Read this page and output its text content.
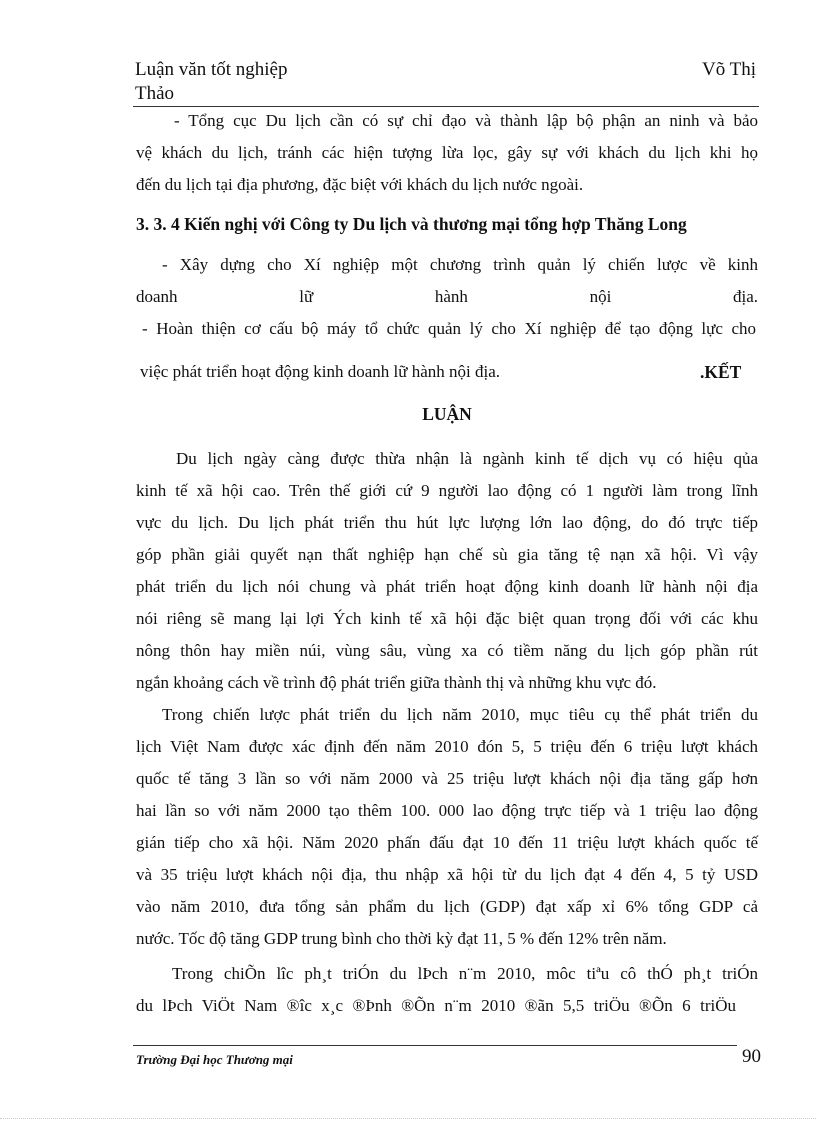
Luận văn tốt nghiệp
Thảo
Võ Thị
- Tổng cục Du lịch cần có sự chỉ đạo và thành lập bộ phận an ninh và bảo
vệ khách du lịch, tránh các hiện tượng lừa lọc, gây sự với khách du lịch khi họ
đến du lịch tại địa phương, đặc biệt với khách du lịch nước ngoài.
3. 3. 4 Kiến nghị với Công ty Du lịch và thương mại tổng hợp Thăng Long
- Xây dựng cho Xí nghiệp một chương trình quản lý chiến lược về kinh
doanh lữ hành nội địa.
- Hoàn thiện cơ cấu bộ máy tổ chức quản lý cho Xí nghiệp để tạo động lực cho
việc phát triển hoạt động kinh doanh lữ hành nội địa.	.KẾT
LUẬN
Du lịch ngày càng được thừa nhận là ngành kinh tế dịch vụ có hiệu qủa
kinh tế xã hội cao. Trên thế giới cứ 9 người lao động có 1 người làm trong lĩnh
vực du lịch. Du lịch phát triển thu hút lực lượng lớn lao động, do đó trực tiếp
góp phần giải quyết nạn thất nghiệp hạn chế sù gia tăng tệ nạn xã hội. Vì vậy
phát triển du lịch nói chung và phát triển hoạt động kinh doanh lữ hành nội địa
nói riêng sẽ mang lại lợi Ých kinh tế xã hội đặc biệt quan trọng đối với các khu
nông thôn hay miền núi, vùng sâu, vùng xa có tiềm năng du lịch góp phần rút
ngắn khoảng cách về trình độ phát triển giữa thành thị và những khu vực đó.
Trong chiến lược phát triển du lịch năm 2010, mục tiêu cụ thể phát triển du
lịch Việt Nam được xác định đến năm 2010 đón 5, 5 triệu đến 6 triệu lượt khách
quốc tế tăng 3 lần so với năm 2000 và 25 triệu lượt khách nội địa tăng gấp hơn
hai lần so với năm 2000 tạo thêm 100. 000 lao động trực tiếp và 1 triệu lao động
gián tiếp cho xã hội. Năm 2020 phấn đấu đạt 10 đến 11 triệu lượt khách quốc tế
và 35 triệu lượt khách nội địa, thu nhập xã hội từ du lịch đạt 4 đến 4, 5 tỷ USD
vào năm 2010, đưa tổng sản phẩm du lịch (GDP) đạt xấp xỉ 6% tổng GDP cả
nước. Tốc độ tăng GDP trung bình cho thời kỳ đạt 11, 5 % đến 12% trên năm.
Trong chiÕn lîc ph¸t triÓn du lÞch n¨m 2010, môc tiªu cô thÓ ph¸t triÓn
du lÞch ViÖt Nam ®îc x¸c ®Þnh ®Õn n¨m 2010 ®ãn 5,5 triÖu ®Õn 6 triÖu
Trường Đại học Thương mại	90
